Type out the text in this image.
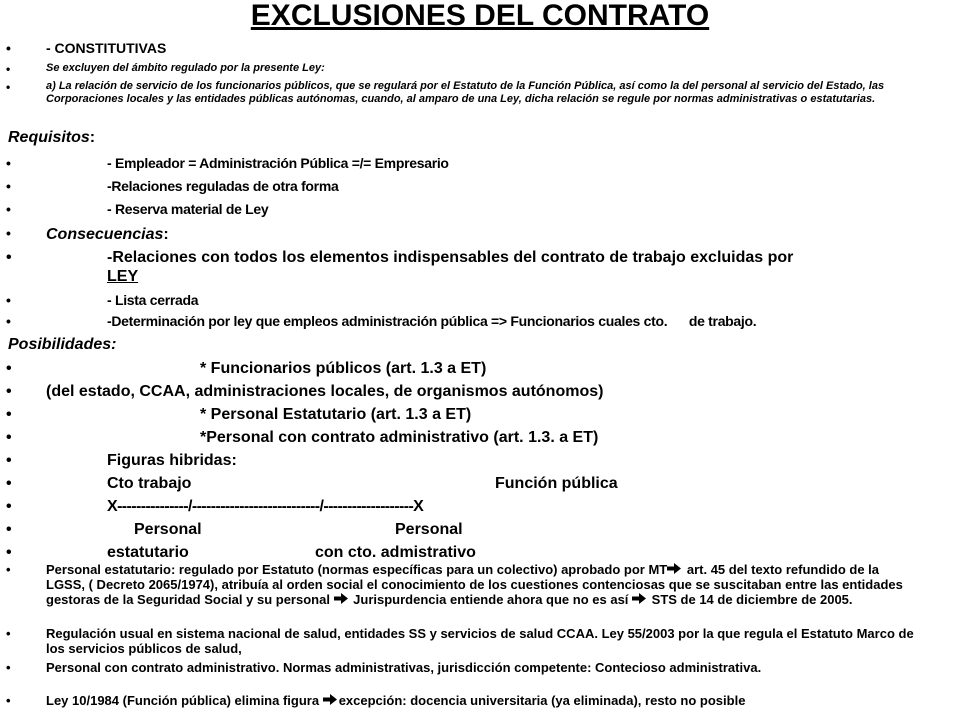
EXCLUSIONES DEL CONTRATO
•	- CONSTITUTIVAS
•	Se excluyen del ámbito regulado por la presente Ley:
•	a) La relación de servicio de los funcionarios públicos, que se regulará por el Estatuto de la Función Pública, así como la del personal al servicio del Estado, las Corporaciones locales y las entidades públicas autónomas, cuando, al amparo de una Ley, dicha relación se regule por normas administrativas o estatutarias.
Requisitos:
•	- Empleador = Administración Pública =/= Empresario
•	-Relaciones reguladas de otra forma
•	- Reserva material de Ley
• Consecuencias:
•	-Relaciones con todos los elementos indispensables del contrato de trabajo excluidas por
LEY
•	- Lista cerrada
•	-Determinación por ley que empleos administración pública => Funcionarios cuales cto.      de trabajo.
Posibilidades:
•	* Funcionarios públicos (art. 1.3 a ET)
• (del estado, CCAA, administraciones locales, de organismos autónomos)
•	* Personal Estatutario (art. 1.3 a ET)
•	*Personal con contrato administrativo (art. 1.3. a ET)
•	Figuras hibridas:
•	Cto trabajo	Función pública
•	X---------------/---------------------------/-------------------X
•	Personal	Personal
•	estatutario	con cto. admistrativo
•	Personal estatutario: regulado por Estatuto (normas específicas para un colectivo) aprobado por MT art. 45 del texto refundido de la LGSS, ( Decreto 2065/1974), atribuía al orden social el conocimiento de los cuestiones contenciosas que se suscitaban entre las entidades gestoras de la Seguridad Social y su personal  Jurispurdencia entiende ahora que no es así  STS de 14 de diciembre de 2005.
•	Regulación usual en sistema nacional de salud, entidades SS y servicios de salud CCAA. Ley 55/2003 por la que regula el Estatuto Marco de los servicios públicos de salud,
•	Personal con contrato administrativo. Normas administrativas, jurisdicción competente: Contecioso administrativa.
•	Ley 10/1984 (Función pública) elimina figura excepción: docencia universitaria (ya eliminada), resto no posible
